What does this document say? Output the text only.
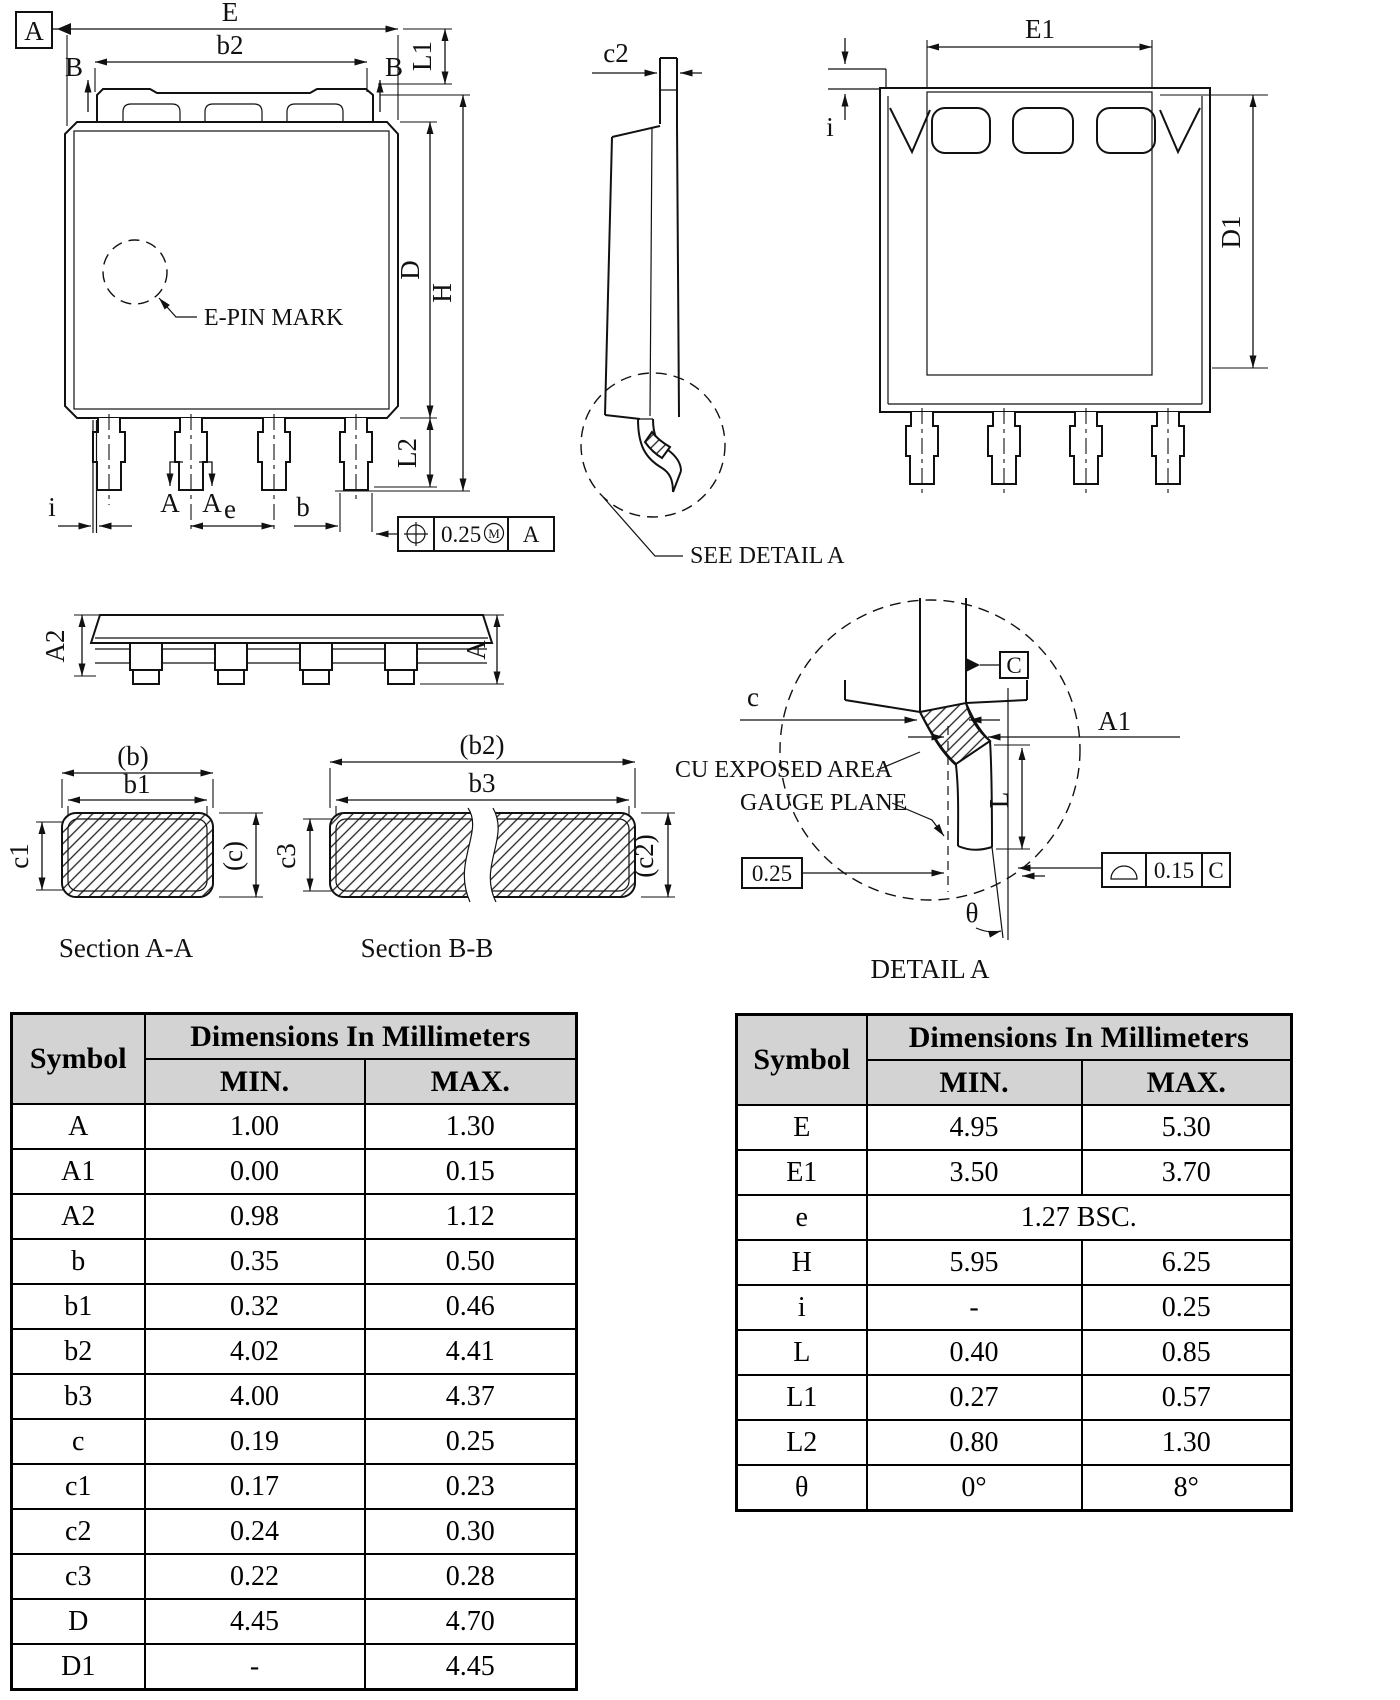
A
E
b2
B	B
E-PIN MARK
L1
D
H
L2
i	A A e b
0.25 M A
c2
SEE DETAIL A
E1
i
D1
A2	A
(b)
b1
c1	(c)
Section A-A
(b2)
b3
c3	(c2)
Section B-B
C
c
A1
CU EXPOSED AREA
GAUGE PLANE	L
0.25
θ
0.15 C
DETAIL A
Symbol	Dimensions In Millimeters	
	MIN.	MAX.
A	1.00	1.30
A1	0.00	0.15
A2	0.98	1.12
b	0.35	0.50
b1	0.32	0.46
b2	4.02	4.41
b3	4.00	4.37
c	0.19	0.25
c1	0.17	0.23
c2	0.24	0.30
c3	0.22	0.28
D	4.45	4.70
D1	-	4.45
Symbol	Dimensions In Millimeters	
	MIN.	MAX.
E	4.95	5.30
E1	3.50	3.70
e	1.27 BSC.	
H	5.95	6.25
i	-	0.25
L	0.40	0.85
L1	0.27	0.57
L2	0.80	1.30
θ	0°	8°
